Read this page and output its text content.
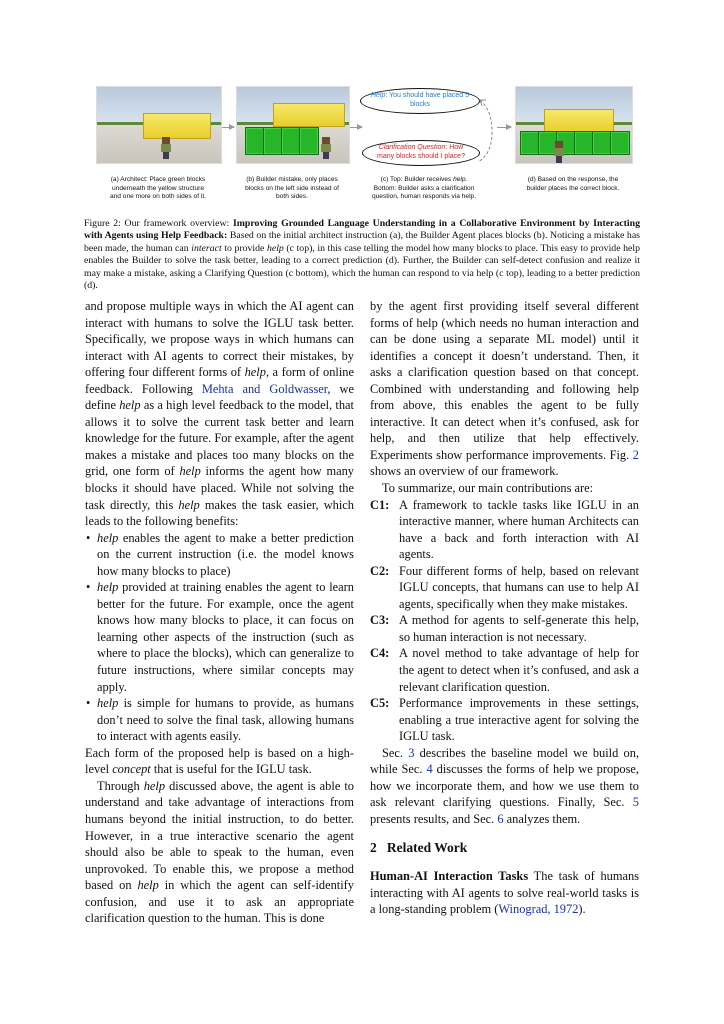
Help: You should have placed 5 blocks
Clarification Question: How many blocks should I place?
(a) Architect: Place green blocks
underneath the yellow structure
and one more on both sides of it.
(b) Builder mistake, only places
blocks on the left side instead of
both sides.
(c) Top: Builder receives help.
Bottom: Builder asks a clarification
question, human responds via help.
(d) Based on the response, the
builder places the correct block.
Figure 2: Our framework overview: Improving Grounded Language Understanding in a Collaborative Environment by Interacting with Agents using Help Feedback: Based on the initial architect instruction (a), the Builder Agent places blocks (b). Noticing a mistake has been made, the human can interact to provide help (c top), in this case telling the model how many blocks to place. This easy to provide help enables the Builder to solve the task better, leading to a correct prediction (d). Further, the Builder can self-detect confusion and realize it may make a mistake, asking a Clarifying Question (c bottom), which the human can respond to via help (c top), leading to a better prediction (d).

and propose multiple ways in which the AI agent can interact with humans to solve the IGLU task better. Specifically, we propose ways in which humans can interact with AI agents to correct their mistakes, by offering four different forms of help, a form of online feedback. Following Mehta and Goldwasser, we define help as a high level feedback to the model, that allows it to solve the current task better and learn knowledge for the future. For example, after the agent makes a mistake and places too many blocks on the grid, one form of help informs the agent how many blocks it should have placed. While not solving the task directly, this help makes the task easier, which leads to the following benefits:

• help enables the agent to make a better prediction on the current instruction (i.e. the model knows how many blocks to place)
• help provided at training enables the agent to learn better for the future. For example, once the agent knows how many blocks to place, it can focus on learning other aspects of the instruction (such as where to place the blocks), which can generalize to future instructions, where similar concepts may apply.
• help is simple for humans to provide, as humans don’t need to solve the final task, allowing humans to interact with agents easily.

Each form of the proposed help is based on a high-level concept that is useful for the IGLU task.

Through help discussed above, the agent is able to understand and take advantage of interactions from humans beyond the initial instruction, to do better. However, in a true interactive scenario the agent should also be able to speak to the human, even unprovoked. To enable this, we propose a method based on help in which the agent can self-identify confusion, and use it to ask an appropriate clarification question to the human. This is done

by the agent first providing itself several different forms of help (which needs no human interaction and can be done using a separate ML model) until it identifies a concept it doesn’t understand. Then, it asks a clarification question based on that concept. Combined with understanding and following help from above, this enables the agent to be fully interactive. It can detect when it’s confused, ask for help, and then utilize that help effectively. Experiments show performance improvements. Fig. 2 shows an overview of our framework.

To summarize, our main contributions are:

C1: A framework to tackle tasks like IGLU in an interactive manner, where human Architects can have a back and forth interaction with AI agents.
C2: Four different forms of help, based on relevant IGLU concepts, that humans can use to help AI agents, specifically when they make mistakes.
C3: A method for agents to self-generate this help, so human interaction is not necessary.
C4: A novel method to take advantage of help for the agent to detect when it’s confused, and ask a relevant clarification question.
C5: Performance improvements in these settings, enabling a true interactive agent for solving the IGLU task.

Sec. 3 describes the baseline model we build on, while Sec. 4 discusses the forms of help we propose, how we incorporate them, and how we use them to ask relevant clarifying questions. Finally, Sec. 5 presents results, and Sec. 6 analyzes them.

2 Related Work

Human-AI Interaction Tasks The task of humans interacting with AI agents to solve real-world tasks is a long-standing problem (Winograd, 1972).
